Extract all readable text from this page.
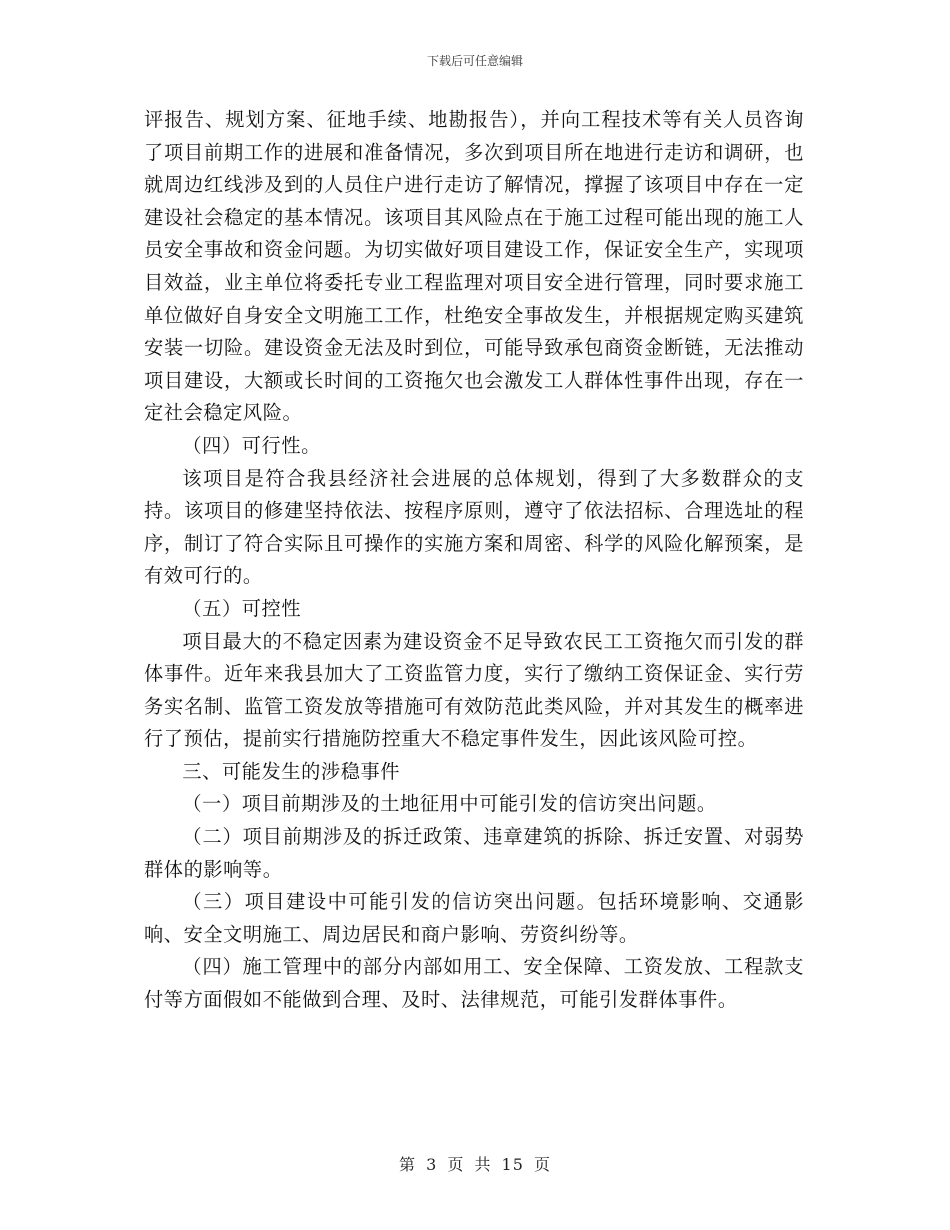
下载后可任意编辑

评报告、规划方案、征地手续、地勘报告），并向工程技术等有关人员咨询了项目前期工作的进展和准备情况，多次到项目所在地进行走访和调研，也就周边红线涉及到的人员住户进行走访了解情况，撑握了该项目中存在一定建设社会稳定的基本情况。该项目其风险点在于施工过程可能出现的施工人员安全事故和资金问题。为切实做好项目建设工作，保证安全生产，实现项目效益，业主单位将委托专业工程监理对项目安全进行管理，同时要求施工单位做好自身安全文明施工工作，杜绝安全事故发生，并根据规定购买建筑安装一切险。建设资金无法及时到位，可能导致承包商资金断链，无法推动项目建设，大额或长时间的工资拖欠也会激发工人群体性事件出现，存在一定社会稳定风险。

（四）可行性。

该项目是符合我县经济社会进展的总体规划，得到了大多数群众的支持。该项目的修建坚持依法、按程序原则，遵守了依法招标、合理选址的程序，制订了符合实际且可操作的实施方案和周密、科学的风险化解预案，是有效可行的。

（五）可控性

项目最大的不稳定因素为建设资金不足导致农民工工资拖欠而引发的群体事件。近年来我县加大了工资监管力度，实行了缴纳工资保证金、实行劳务实名制、监管工资发放等措施可有效防范此类风险，并对其发生的概率进行了预估，提前实行措施防控重大不稳定事件发生，因此该风险可控。

三、可能发生的涉稳事件

（一）项目前期涉及的土地征用中可能引发的信访突出问题。

（二）项目前期涉及的拆迁政策、违章建筑的拆除、拆迁安置、对弱势群体的影响等。

（三）项目建设中可能引发的信访突出问题。包括环境影响、交通影响、安全文明施工、周边居民和商户影响、劳资纠纷等。

（四）施工管理中的部分内部如用工、安全保障、工资发放、工程款支付等方面假如不能做到合理、及时、法律规范，可能引发群体事件。

第 3 页 共 15 页
